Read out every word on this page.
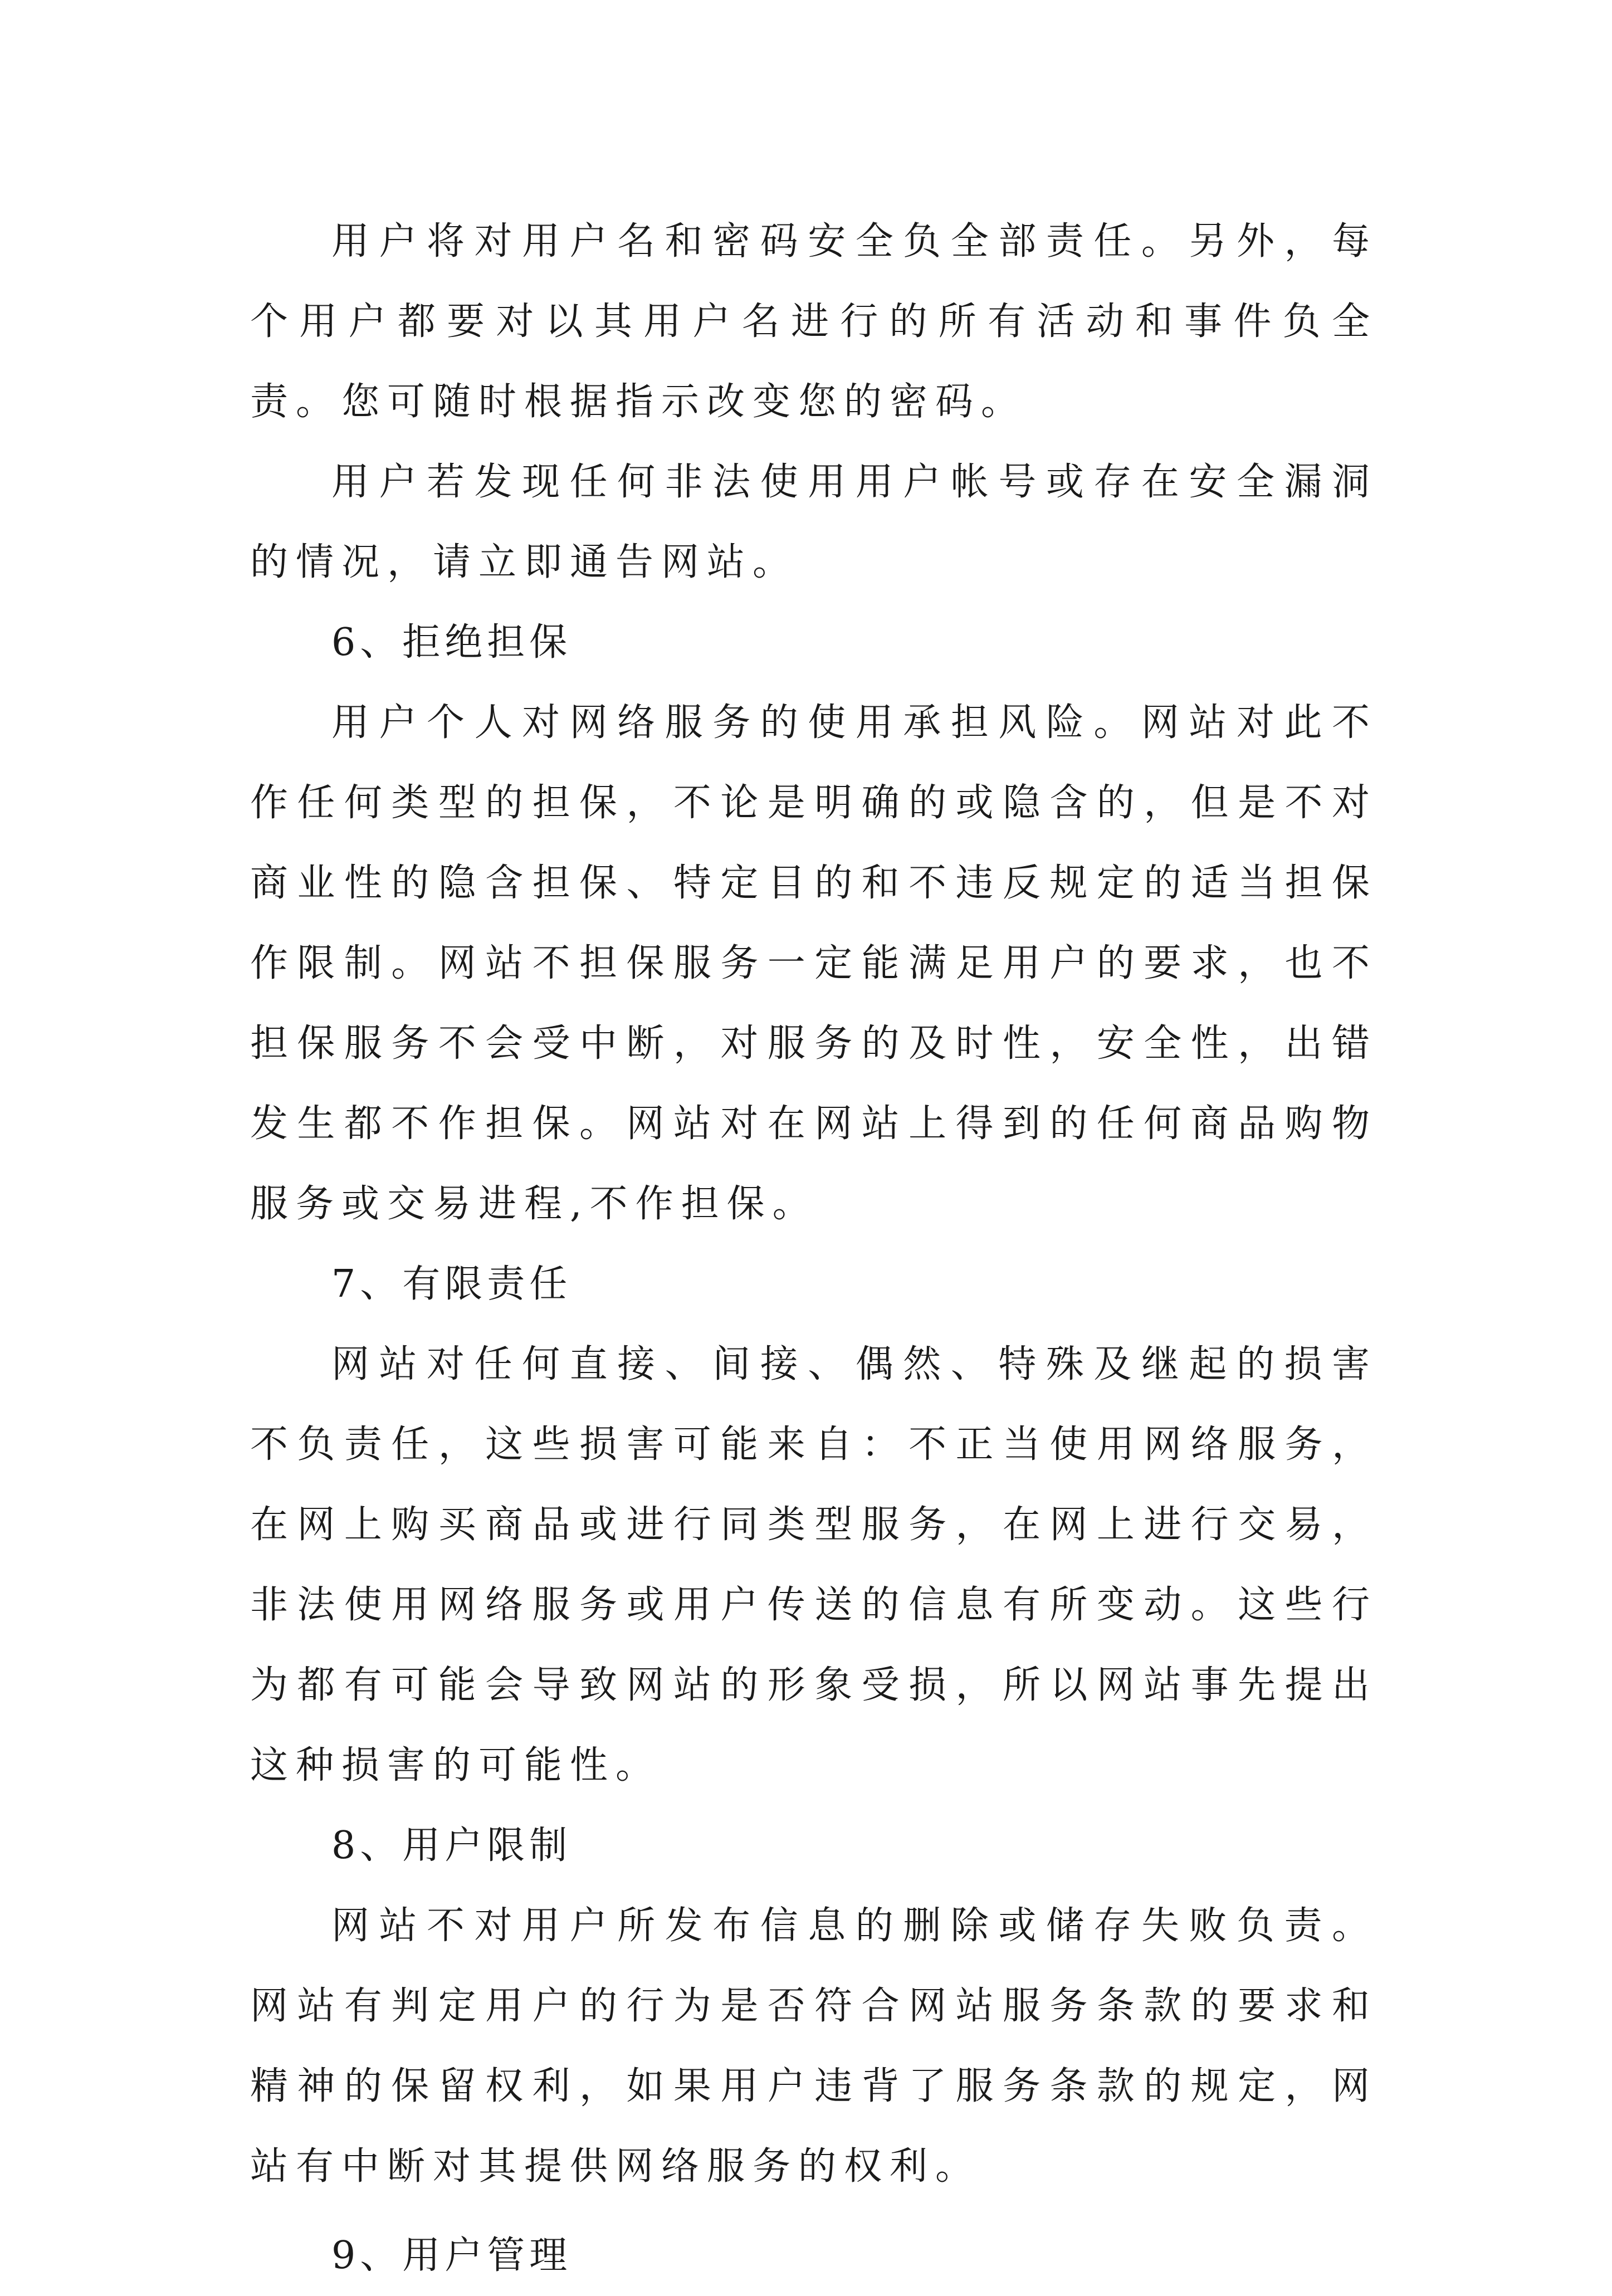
用户将对用户名和密码安全负全部责任。另外，每个用户都要对以其用户名进行的所有活动和事件负全责。您可随时根据指示改变您的密码。

用户若发现任何非法使用用户帐号或存在安全漏洞的情况，请立即通告网站。

6、拒绝担保

用户个人对网络服务的使用承担风险。网站对此不作任何类型的担保，不论是明确的或隐含的，但是不对商业性的隐含担保、特定目的和不违反规定的适当担保作限制。网站不担保服务一定能满足用户的要求，也不担保服务不会受中断，对服务的及时性，安全性，出错发生都不作担保。网站对在网站上得到的任何商品购物服务或交易进程,不作担保。

7、有限责任

网站对任何直接、间接、偶然、特殊及继起的损害不负责任，这些损害可能来自：不正当使用网络服务，在网上购买商品或进行同类型服务，在网上进行交易，非法使用网络服务或用户传送的信息有所变动。这些行为都有可能会导致网站的形象受损，所以网站事先提出这种损害的可能性。

8、用户限制

网站不对用户所发布信息的删除或储存失败负责。网站有判定用户的行为是否符合网站服务条款的要求和精神的保留权利，如果用户违背了服务条款的规定，网站有中断对其提供网络服务的权利。

9、用户管理
